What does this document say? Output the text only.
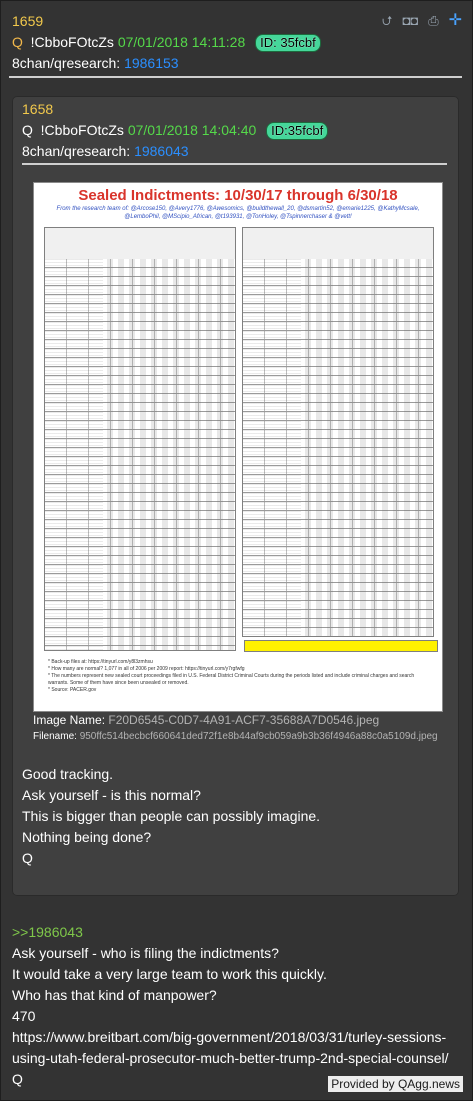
1659	⮍ ◘◘ ⎙ ✛
Q !CbboFOtcZs 07/01/2018 14:11:28 ID: 35fcbf
8chan/qresearch: 1986153
1658
Q !CbboFOtcZs 07/01/2018 14:04:40 ID:35fcbf
8chan/qresearch: 1986043
Sealed Indictments: 10/30/17 through 6/30/18
From the research team of: @Arcose150, @Avery1776, @Awesomics, @buildthewall_20, @dsmartin52, @emarie1225, @KathyMcsale, @LemboPhil, @MScipio_African, @t193931, @TonHoley, @Tspinnerchaser & @vett!
* Back-up files at: https://tinyurl.com/y8l3zmhsu
* How many are normal? 1,077 in all of 2006 per 2009 report: https://tinyurl.com/y7rgfwfg
* The numbers represent new sealed court proceedings filed in U.S. Federal District Criminal Courts during the periods listed and include criminal charges and search warrants. Some of them have since been unsealed or removed.
* Source: PACER.gov
Image Name: F20D6545-C0D7-4A91-ACF7-35688A7D0546.jpeg
Filename: 950ffc514becbcf660641ded72f1e8b44af9cb059a9b3b36f4946a88c0a5109d.jpeg
Good tracking.
Ask yourself - is this normal?
This is bigger than people can possibly imagine.
Nothing being done?
Q
>>1986043
Ask yourself - who is filing the indictments?
It would take a very large team to work this quickly.
Who has that kind of manpower?
470
https://www.breitbart.com/big-government/2018/03/31/turley-sessions-
using-utah-federal-prosecutor-much-better-trump-2nd-special-counsel/
Q	Provided by QAgg.news
